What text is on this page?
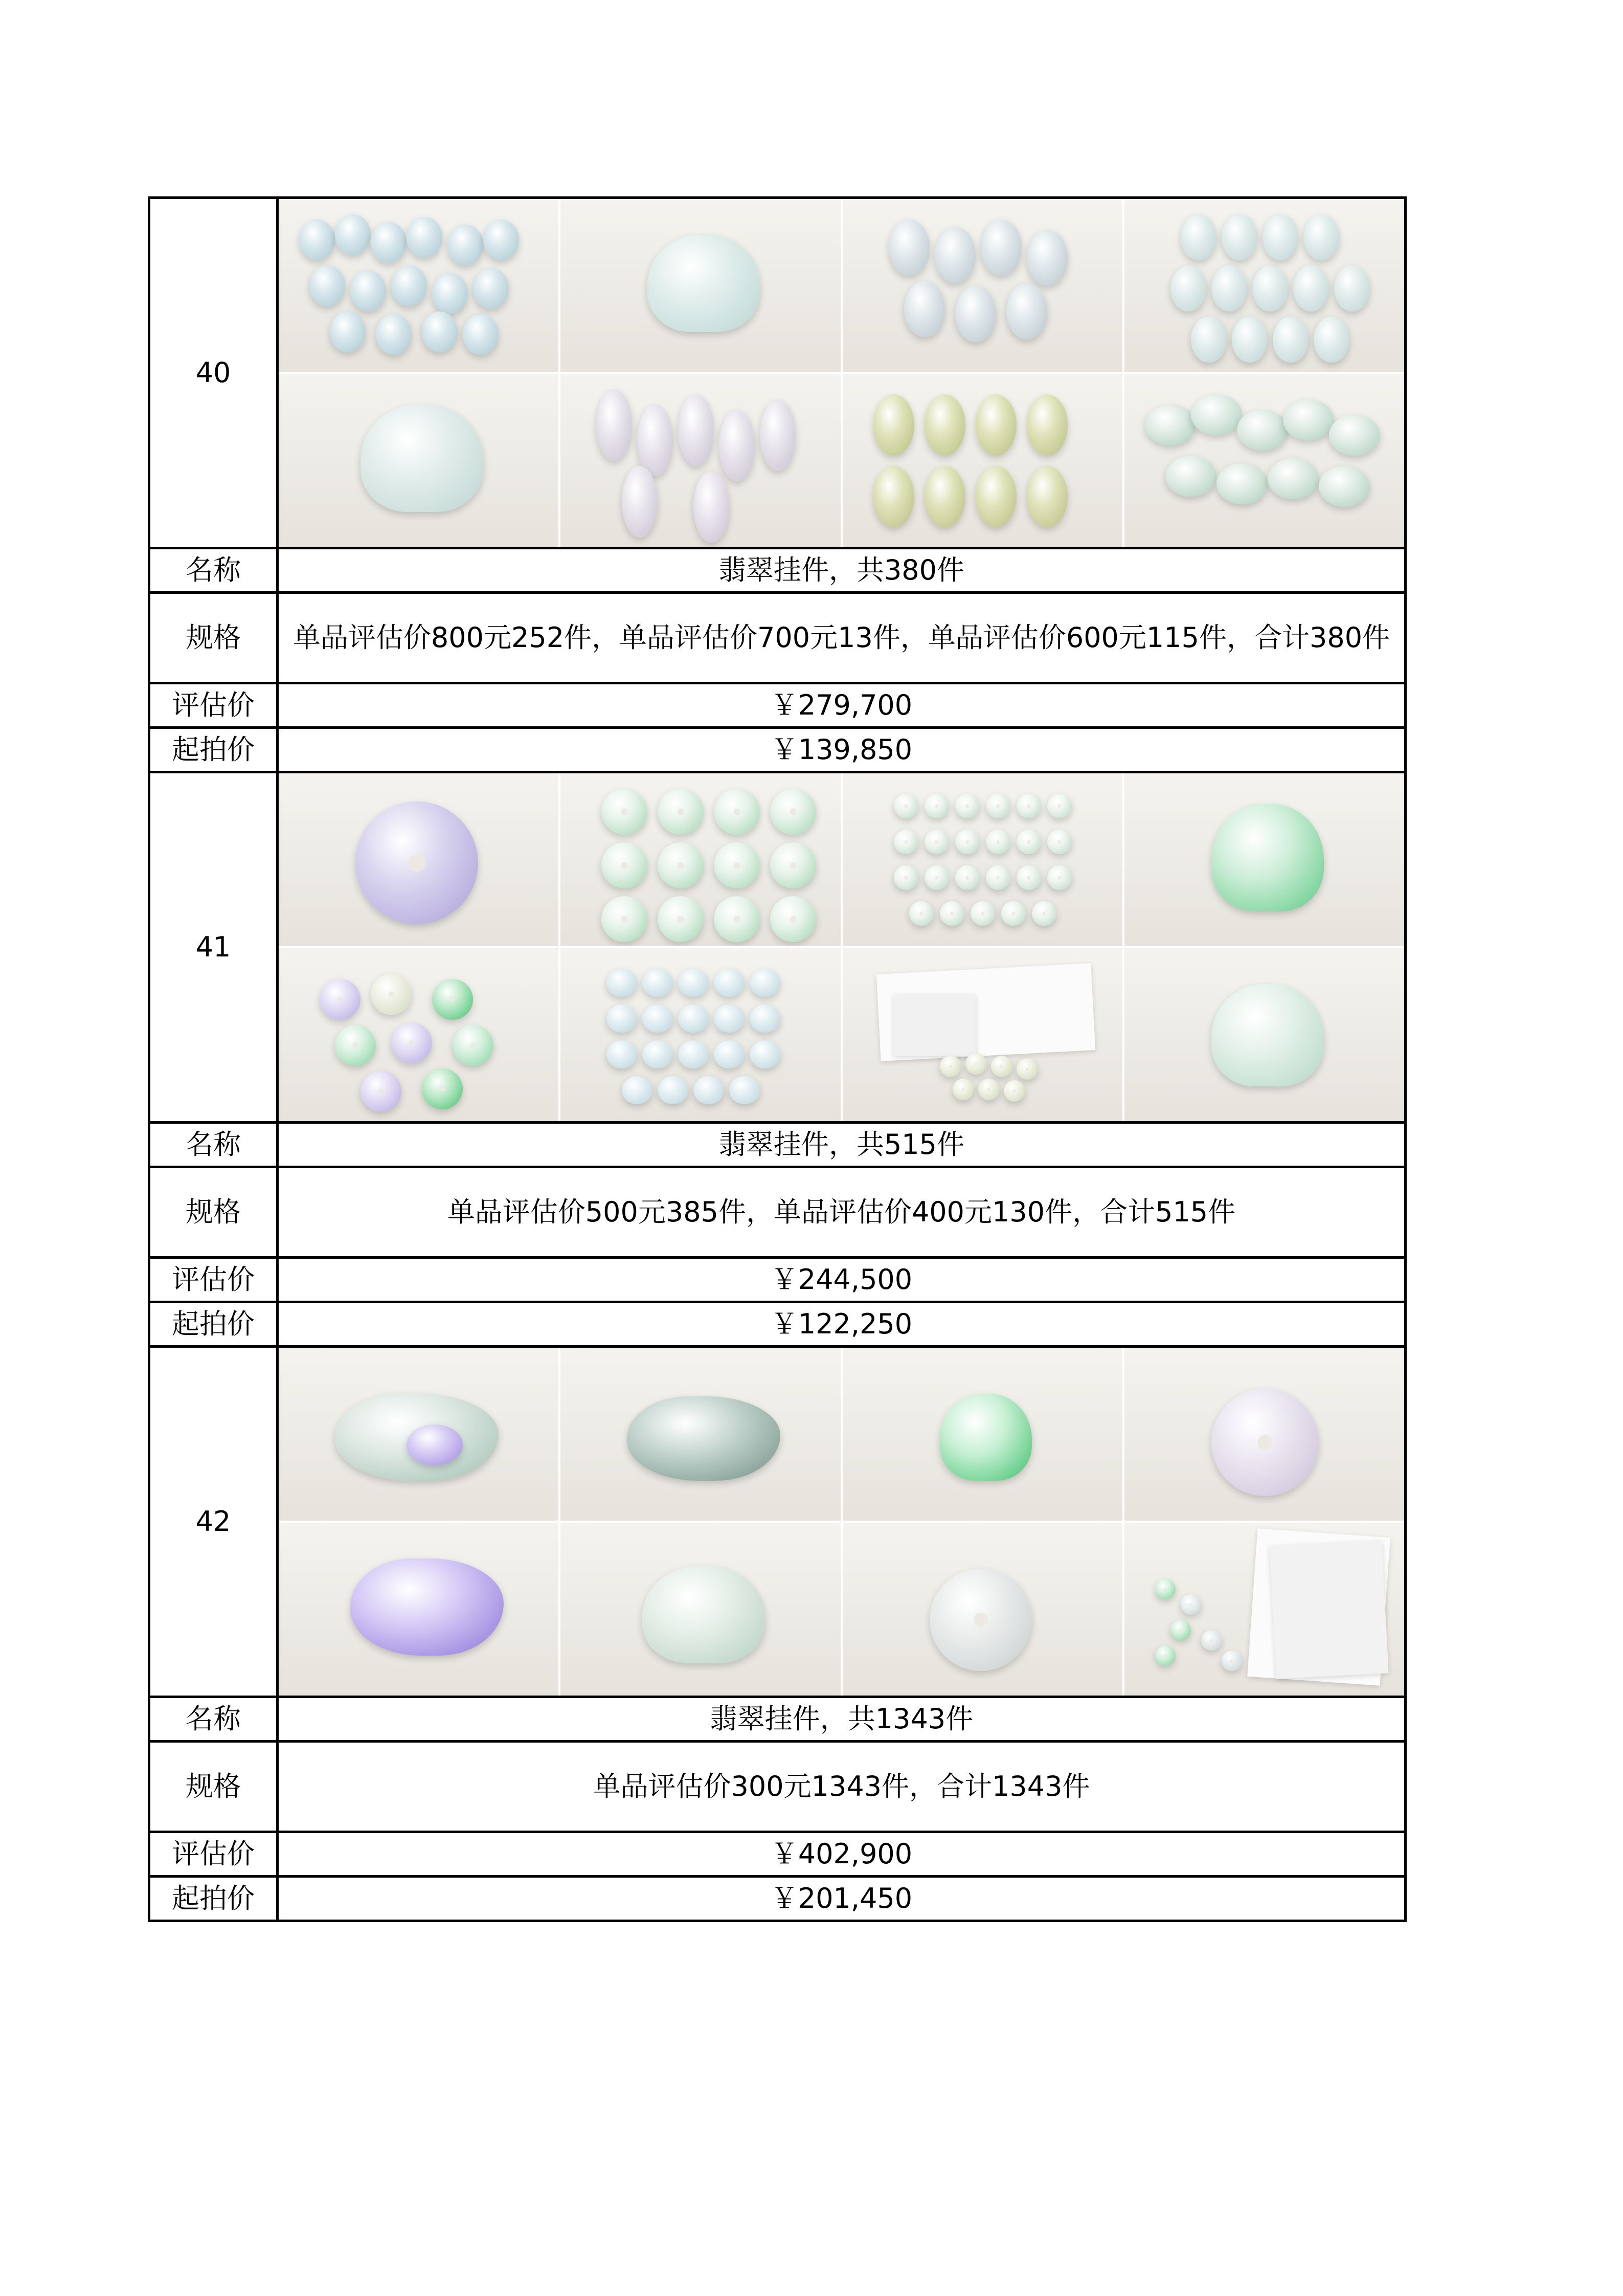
40	

名称	翡翠挂件，共380件
规格	单品评估价800元252件，单品评估价700元13件，单品评估价600元115件，合计380件

评估价	￥279,700
起拍价	￥139,850
41	

名称	翡翠挂件，共515件
规格	单品评估价500元385件，单品评估价400元130件，合计515件

评估价	￥244,500
起拍价	￥122,250
42	

名称	翡翠挂件，共1343件
规格	单品评估价300元1343件，合计1343件

评估价	￥402,900
起拍价	￥201,450
